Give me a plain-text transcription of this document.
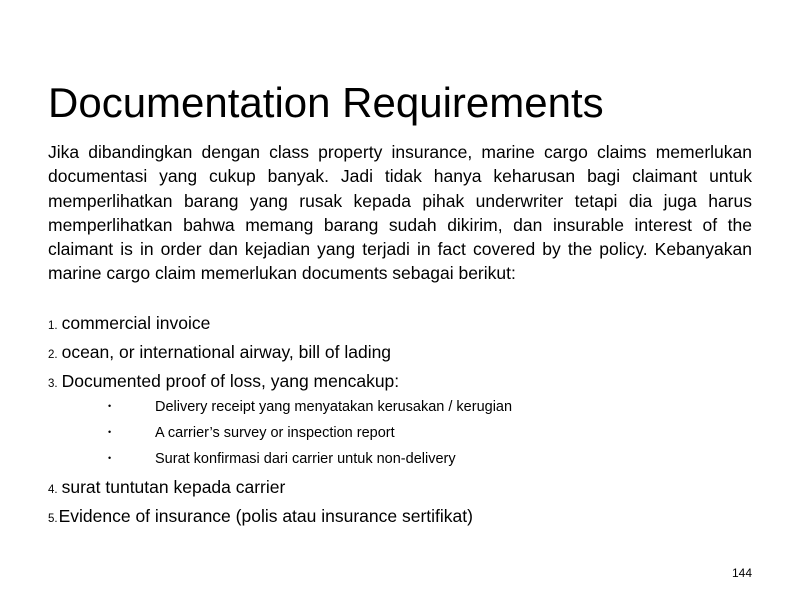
Documentation Requirements

Jika dibandingkan dengan class property insurance, marine cargo claims memerlukan documentasi yang cukup banyak. Jadi tidak hanya keharusan bagi claimant untuk memperlihatkan barang yang rusak kepada pihak underwriter tetapi dia juga harus memperlihatkan bahwa memang barang sudah dikirim, dan insurable interest of the claimant is in order dan kejadian yang terjadi in fact covered by the policy. Kebanyakan marine cargo claim memerlukan documents sebagai berikut:

1. commercial invoice
2. ocean, or international airway, bill of lading
3. Documented proof of loss, yang mencakup:
•	Delivery receipt yang menyatakan kerusakan / kerugian
•	A carrier’s survey or inspection report
•	Surat konfirmasi dari carrier untuk non-delivery
4. surat tuntutan kepada carrier
5.Evidence of insurance (polis atau insurance sertifikat)
144
